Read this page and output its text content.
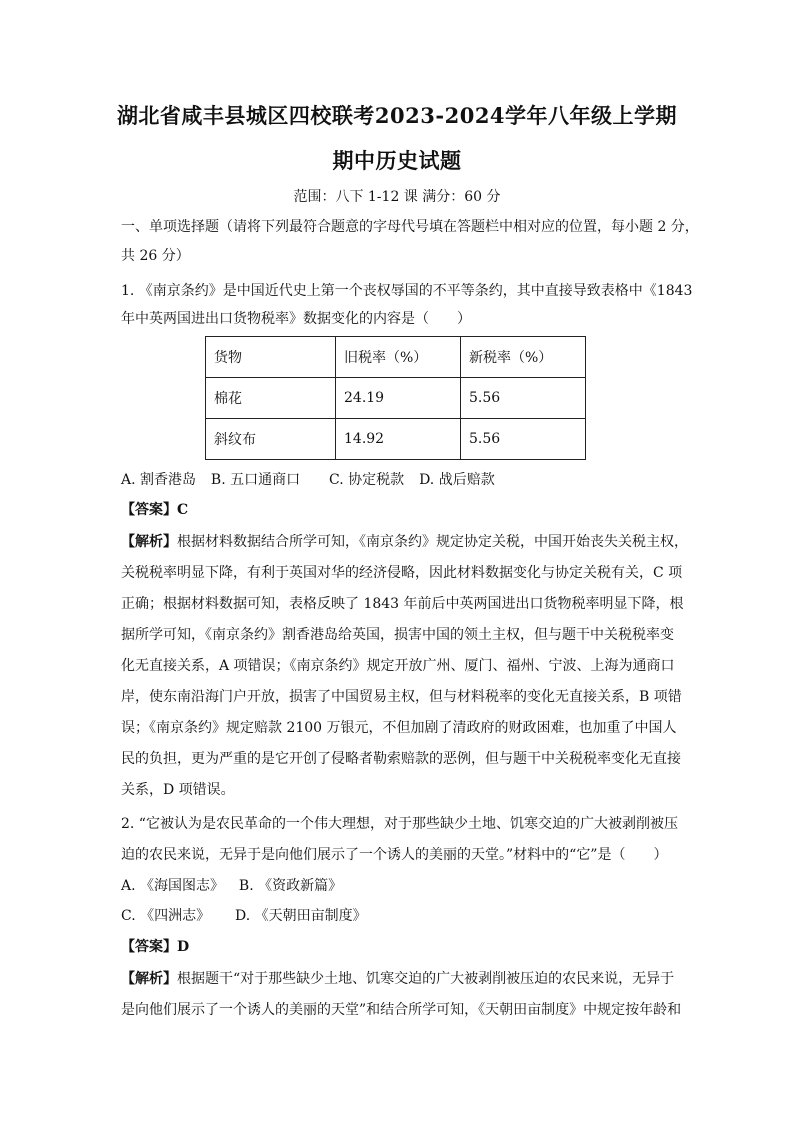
湖北省咸丰县城区四校联考2023-2024学年八年级上学期
期中历史试题
范围：八下 1-12 课 满分：60 分
一、单项选择题（请将下列最符合题意的字母代号填在答题栏中相对应的位置，每小题 2 分，
共 26 分）
1. 《南京条约》是中国近代史上第一个丧权辱国的不平等条约，其中直接导致表格中《1843
年中英两国进出口货物税率》数据变化的内容是（　　）
货物	旧税率（%）	新税率（%）
棉花	24.19	5.56
斜纹布	14.92	5.56
A. 割香港岛 B. 五口通商口 C. 协定税款 D. 战后赔款
【答案】C
【解析】根据材料数据结合所学可知，《南京条约》规定协定关税，中国开始丧失关税主权，
关税税率明显下降，有利于英国对华的经济侵略，因此材料数据变化与协定关税有关，C 项
正确；根据材料数据可知，表格反映了 1843 年前后中英两国进出口货物税率明显下降，根
据所学可知，《南京条约》割香港岛给英国，损害中国的领土主权，但与题干中关税税率变
化无直接关系，A 项错误；《南京条约》规定开放广州、厦门、福州、宁波、上海为通商口
岸，使东南沿海门户开放，损害了中国贸易主权，但与材料税率的变化无直接关系，B 项错
误；《南京条约》规定赔款 2100 万银元，不但加剧了清政府的财政困难，也加重了中国人
民的负担，更为严重的是它开创了侵略者勒索赔款的恶例，但与题干中关税税率变化无直接
关系，D 项错误。
2. “它被认为是农民革命的一个伟大理想，对于那些缺少土地、饥寒交迫的广大被剥削被压
迫的农民来说，无异于是向他们展示了一个诱人的美丽的天堂。”材料中的“它”是（　　）
A. 《海国图志》 B. 《资政新篇》
C. 《四洲志》 D. 《天朝田亩制度》
【答案】D
【解析】根据题干“对于那些缺少土地、饥寒交迫的广大被剥削被压迫的农民来说，无异于
是向他们展示了一个诱人的美丽的天堂”和结合所学可知，《天朝田亩制度》中规定按年龄和
